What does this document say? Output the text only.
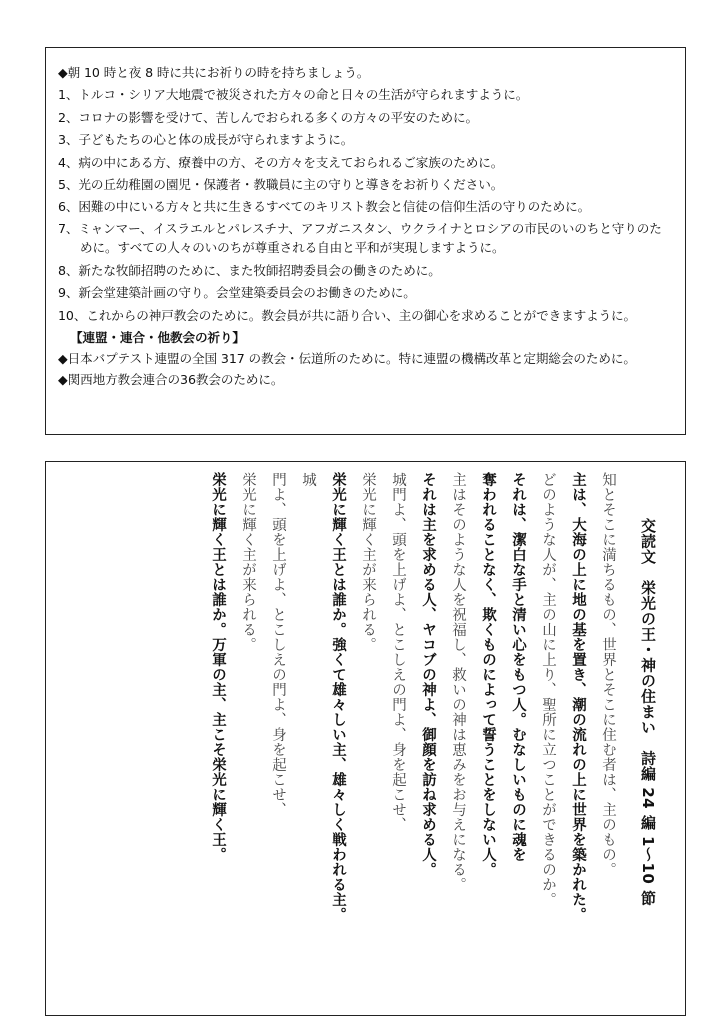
◆朝 10 時と夜 8 時に共にお祈りの時を持ちましょう。
1、トルコ・シリア大地震で被災された方々の命と日々の生活が守られますように。
2、コロナの影響を受けて、苦しんでおられる多くの方々の平安のために。
3、子どもたちの心と体の成長が守られますように。
4、病の中にある方、療養中の方、その方々を支えておられるご家族のために。
5、光の丘幼稚園の園児・保護者・教職員に主の守りと導きをお祈りください。
6、困難の中にいる方々と共に生きるすべてのキリスト教会と信徒の信仰生活の守りのために。
7、ミャンマー、イスラエルとパレスチナ、アフガニスタン、ウクライナとロシアの市民のいのちと守りのために。すべての人々のいのちが尊重される自由と平和が実現しますように。
8、新たな牧師招聘のために、また牧師招聘委員会の働きのために。
9、新会堂建築計画の守り。会堂建築委員会のお働きのために。
10、これからの神戸教会のために。教会員が共に語り合い、主の御心を求めることができますように。
【連盟・連合・他教会の祈り】
◆日本バプテスト連盟の全国 317 の教会・伝道所のために。特に連盟の機構改革と定期総会のために。
◆関西地方教会連合の36教会のために。
交読文　栄光の王・神の住まい　詩編 24 編 1～10 節
知とそこに満ちるもの、世界とそこに住む者は、主のもの。
主は、大海の上に地の基を置き、潮の流れの上に世界を築かれた。
どのような人が、主の山に上り、聖所に立つことができるのか。
それは、潔白な手と清い心をもつ人。むなしいものに魂を
奪われることなく、欺くものによって誓うことをしない人。
主はそのような人を祝福し、救いの神は恵みをお与えになる。
それは主を求める人、ヤコブの神よ、御顔を訪ね求める人。
城門よ、頭を上げよ、とこしえの門よ、身を起こせ、
栄光に輝く主が来られる。
栄光に輝く王とは誰か。強くて雄々しい主、雄々しく戦われる主。
城
門よ、頭を上げよ、とこしえの門よ、身を起こせ、
栄光に輝く主が来られる。
栄光に輝く王とは誰か。万軍の主、主こそ栄光に輝く王。
